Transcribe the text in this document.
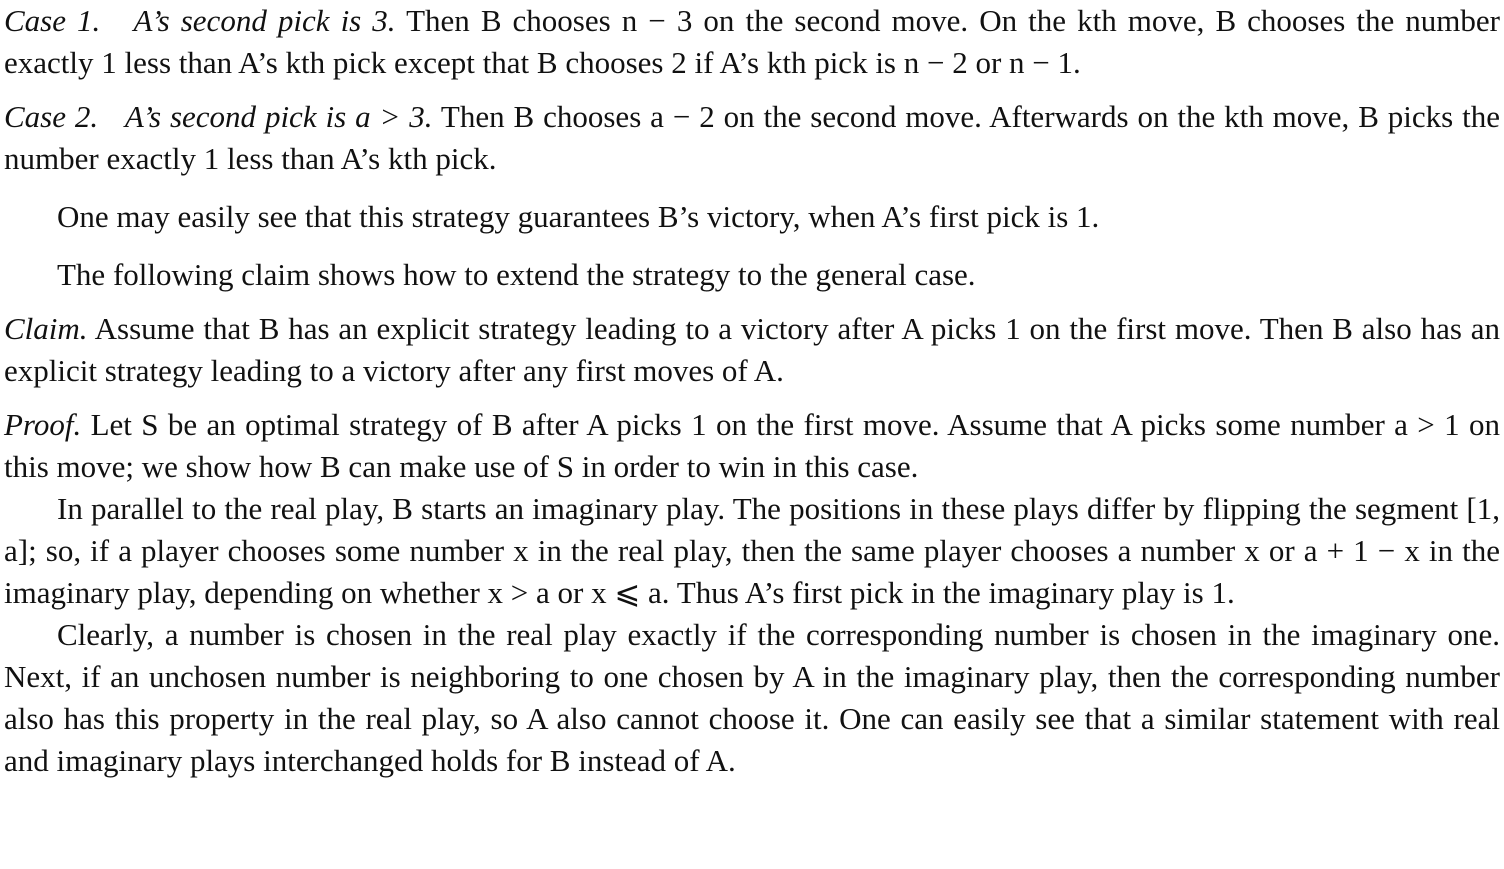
Case 1. A’s second pick is 3. Then B chooses n − 3 on the second move. On the kth move, B chooses the number exactly 1 less than A’s kth pick except that B chooses 2 if A’s kth pick is n − 2 or n − 1.

Case 2. A’s second pick is a > 3. Then B chooses a − 2 on the second move. Afterwards on the kth move, B picks the number exactly 1 less than A’s kth pick.

One may easily see that this strategy guarantees B’s victory, when A’s first pick is 1.

The following claim shows how to extend the strategy to the general case.

Claim. Assume that B has an explicit strategy leading to a victory after A picks 1 on the first move. Then B also has an explicit strategy leading to a victory after any first moves of A.

Proof. Let S be an optimal strategy of B after A picks 1 on the first move. Assume that A picks some number a > 1 on this move; we show how B can make use of S in order to win in this case.

In parallel to the real play, B starts an imaginary play. The positions in these plays differ by flipping the segment [1, a]; so, if a player chooses some number x in the real play, then the same player chooses a number x or a + 1 − x in the imaginary play, depending on whether x > a or x ⩽ a. Thus A’s first pick in the imaginary play is 1.

Clearly, a number is chosen in the real play exactly if the corresponding number is chosen in the imaginary one. Next, if an unchosen number is neighboring to one chosen by A in the imaginary play, then the corresponding number also has this property in the real play, so A also cannot choose it. One can easily see that a similar statement with real and imaginary plays interchanged holds for B instead of A.
